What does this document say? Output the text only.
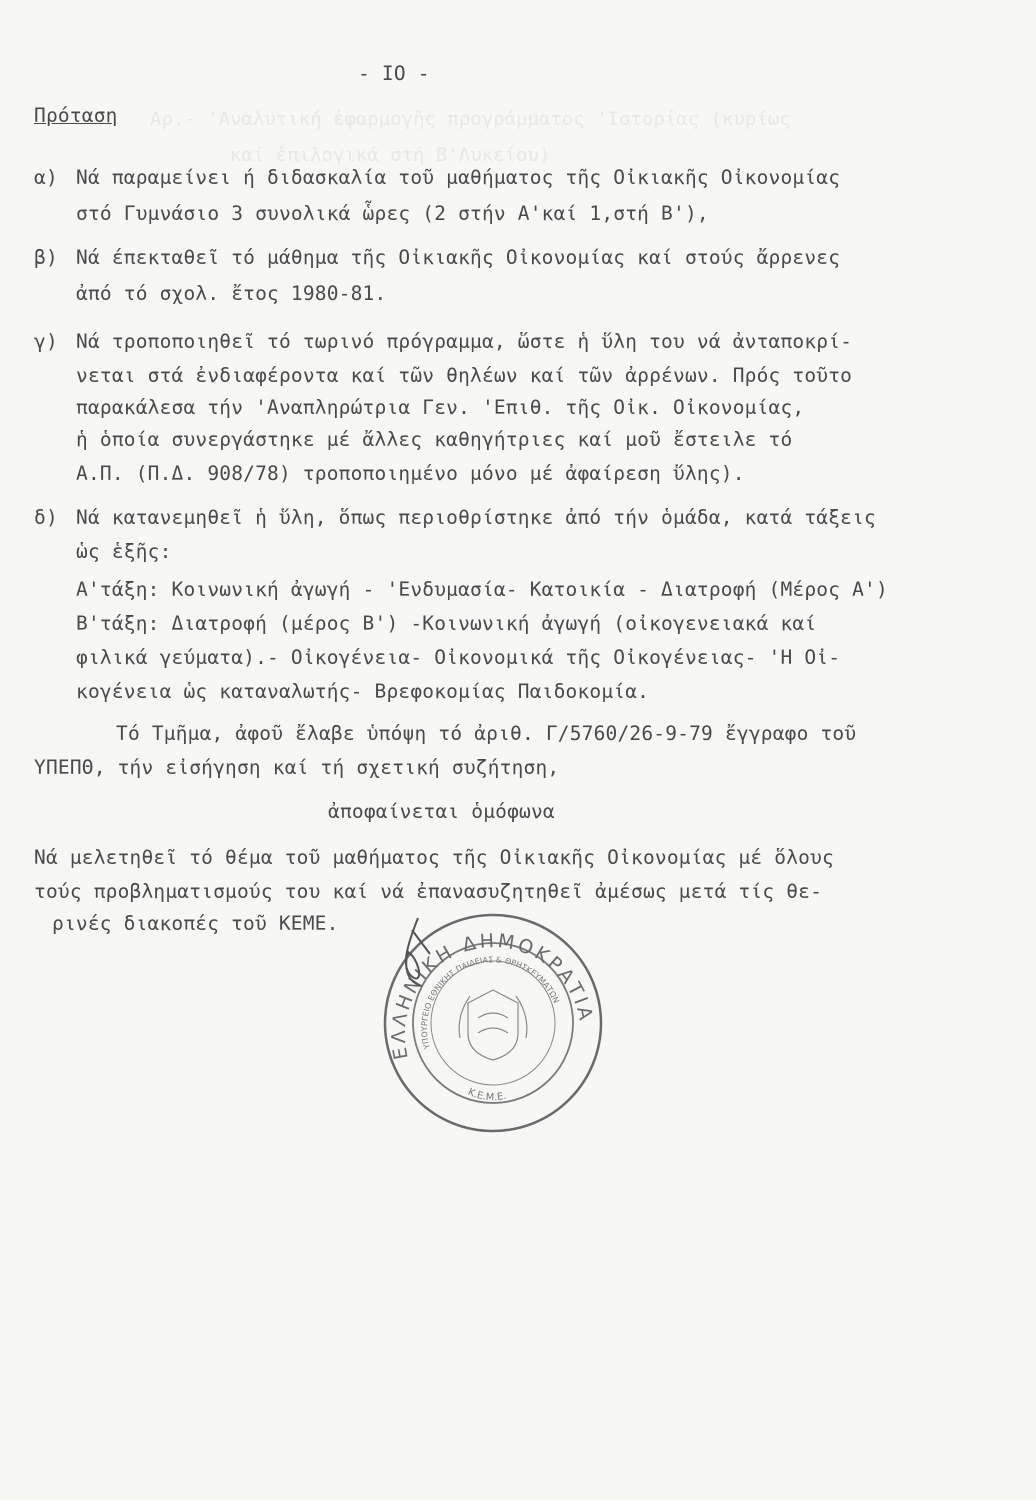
Αρ.- 'Αναλυτική ἐφαρμογῆς προγράμματος 'Ιστορίας (κυρίως
καί ἐπιλογικά στή Β'Λυκείου)
- IO -
Πρόταση
α) Νά παραμείνει ή διδασκαλία τοῦ μαθήματος τῆς Οἰκιακῆς Οἰκονομίας
στό Γυμνάσιο 3 συνολικά ὧρες (2 στήν Α'καί 1,στή Β'),
β) Νά έπεκταθεῖ τό μάθημα τῆς Οἰκιακῆς Οἰκονομίας καί στούς ἄρρενες
ἀπό τό σχολ. ἔτος 1980-81.
γ) Νά τροποποιηθεῖ τό τωρινό πρόγραμμα, ὥστε ἡ ὕλη του νά ἀνταποκρί-
νεται στά ἐνδιαφέροντα καί τῶν θηλέων καί τῶν ἀρρένων. Πρός τοῦτο
παρακάλεσα τήν 'Αναπληρώτρια Γεν. 'Επιθ. τῆς Οἰκ. Οἰκονομίας,
ἡ ὁποία συνεργάστηκε μέ ἄλλες καθηγήτριες καί μοῦ ἔστειλε τό
Α.Π. (Π.Δ. 908/78) τροποποιημένο μόνο μέ ἀφαίρεση ὕλης).
δ) Νά κατανεμηθεῖ ἡ ὕλη, ὅπως περιοθρίστηκε ἀπό τήν ὁμάδα, κατά τάξεις
ὡς ἑξῆς:
Α'τάξη: Κοινωνική ἀγωγή - 'Ενδυμασία- Κατοικία - Διατροφή (Μέρος Α')
Β'τάξη: Διατροφή (μέρος Β') -Κοινωνική ἀγωγή (οἰκογενειακά καί
φιλικά γεύματα).- Οἰκογένεια- Οἰκονομικά τῆς Οἰκογένειας- 'Η Οἰ-
κογένεια ὡς καταναλωτής- Βρεφοκομίας Παιδοκομία.
Τό Τμῆμα, ἀφοῦ ἔλαβε ὑπόψη τό ἀριθ. Γ/5760/26-9-79 ἔγγραφο τοῦ
ΥΠΕΠΘ, τήν εἰσήγηση καί τή σχετική συζήτηση,
ἀποφαίνεται ὁμόφωνα
Νά μελετηθεῖ τό θέμα τοῦ μαθήματος τῆς Οἰκιακῆς Οἰκονομίας μέ ὅλους
τούς προβληματισμούς του καί νά ἐπανασυζητηθεῖ ἀμέσως μετά τίς θε-
ρινές διακοπές τοῦ ΚΕΜΕ.
ΕΛΛΗΝΙΚΗ ΔΗΜΟΚΡΑΤΙΑ
ΥΠΟΥΡΓΕΙΟ ΕΘΝΙΚΗΣ ΠΑΙΔΕΙΑΣ & ΘΡΗΣΚΕΥΜΑΤΩΝ
Κ.Ε.Μ.Ε.
